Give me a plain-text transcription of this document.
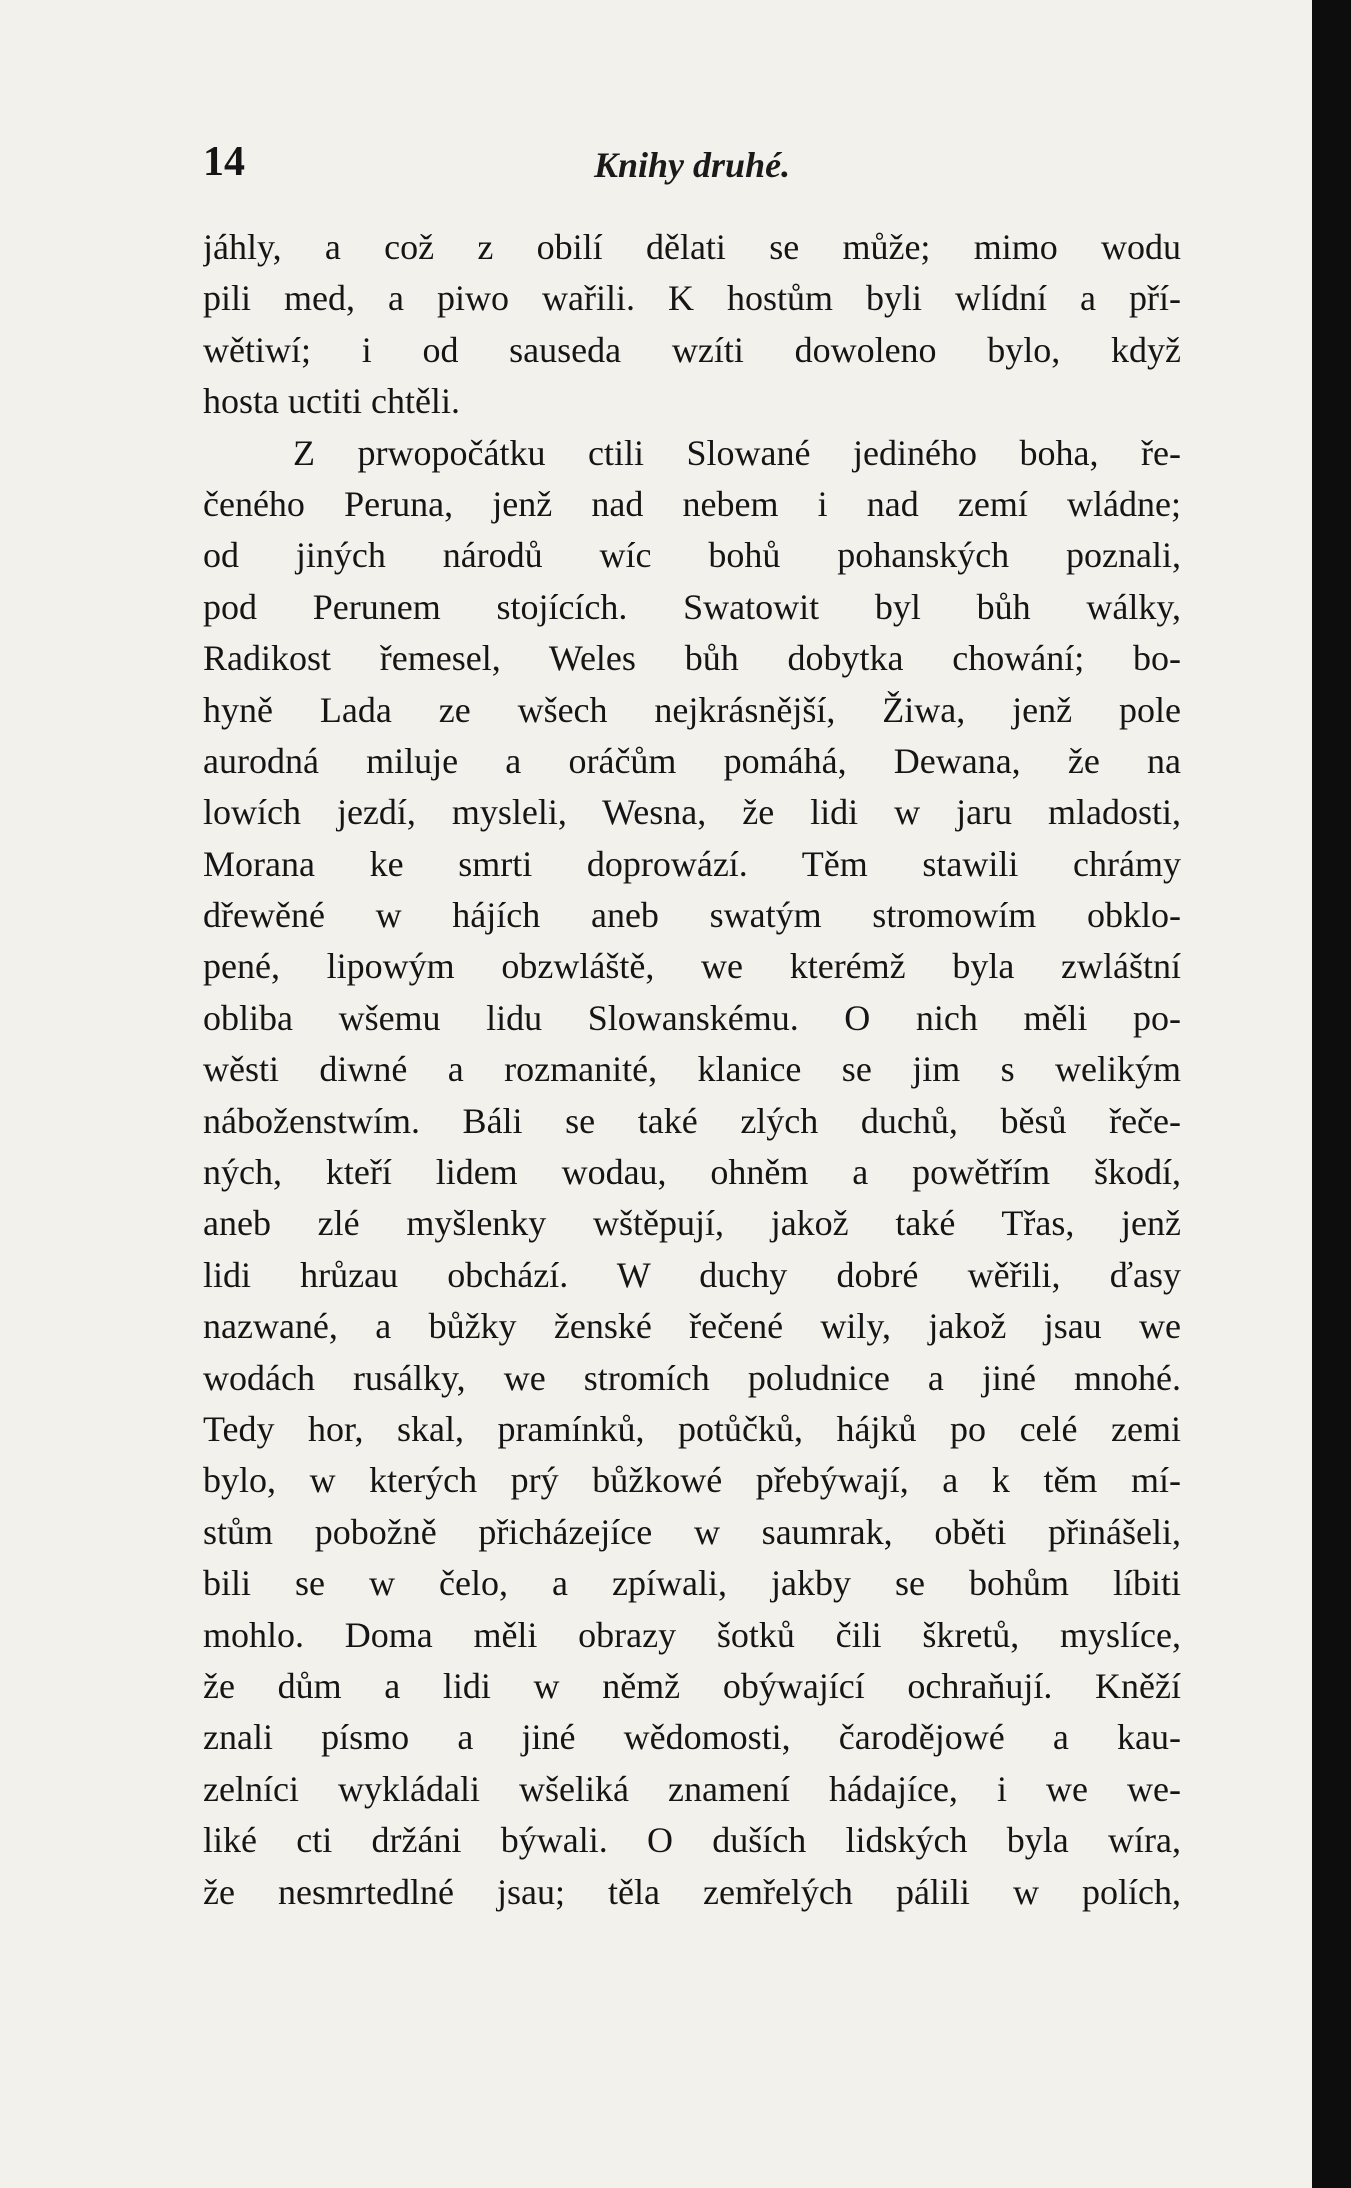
14	Knihy druhé.
jáhly, a což z obilí dělati se může; mimo wodu
pili med, a piwo wařili. K hostům byli wlídní a pří-
wětiwí; i od sauseda wzíti dowoleno bylo, když
hosta uctiti chtěli.
Z prwopočátku ctili Slowané jediného boha, ře-
čeného Peruna, jenž nad nebem i nad zemí wládne;
od jiných národů wíc bohů pohanských poznali,
pod Perunem stojících. Swatowit byl bůh wálky,
Radikost řemesel, Weles bůh dobytka chowání; bo-
hyně Lada ze wšech nejkrásnější, Žiwa, jenž pole
aurodná miluje a oráčům pomáhá, Dewana, že na
lowích jezdí, mysleli, Wesna, že lidi w jaru mladosti,
Morana ke smrti doprowází. Těm stawili chrámy
dřewěné w hájích aneb swatým stromowím obklo-
pené, lipowým obzwláště, we kterémž byla zwláštní
obliba wšemu lidu Slowanskému. O nich měli po-
wěsti diwné a rozmanité, klanice se jim s welikým
náboženstwím. Báli se také zlých duchů, běsů řeče-
ných, kteří lidem wodau, ohněm a powětřím škodí,
aneb zlé myšlenky wštěpují, jakož také Třas, jenž
lidi hrůzau obchází. W duchy dobré wěřili, ďasy
nazwané, a bůžky ženské řečené wily, jakož jsau we
wodách rusálky, we stromích poludnice a jiné mnohé.
Tedy hor, skal, pramínků, potůčků, hájků po celé zemi
bylo, w kterých prý bůžkowé přebýwají, a k těm mí-
stům pobožně přicházejíce w saumrak, oběti přinášeli,
bili se w čelo, a zpíwali, jakby se bohům líbiti
mohlo. Doma měli obrazy šotků čili škretů, myslíce,
že dům a lidi w němž obýwající ochraňují. Kněží
znali písmo a jiné wědomosti, čarodějowé a kau-
zelníci wykládali wšeliká znamení hádajíce, i we we-
liké cti držáni býwali. O duších lidských byla wíra,
že nesmrtedlné jsau; těla zemřelých pálili w polích,
